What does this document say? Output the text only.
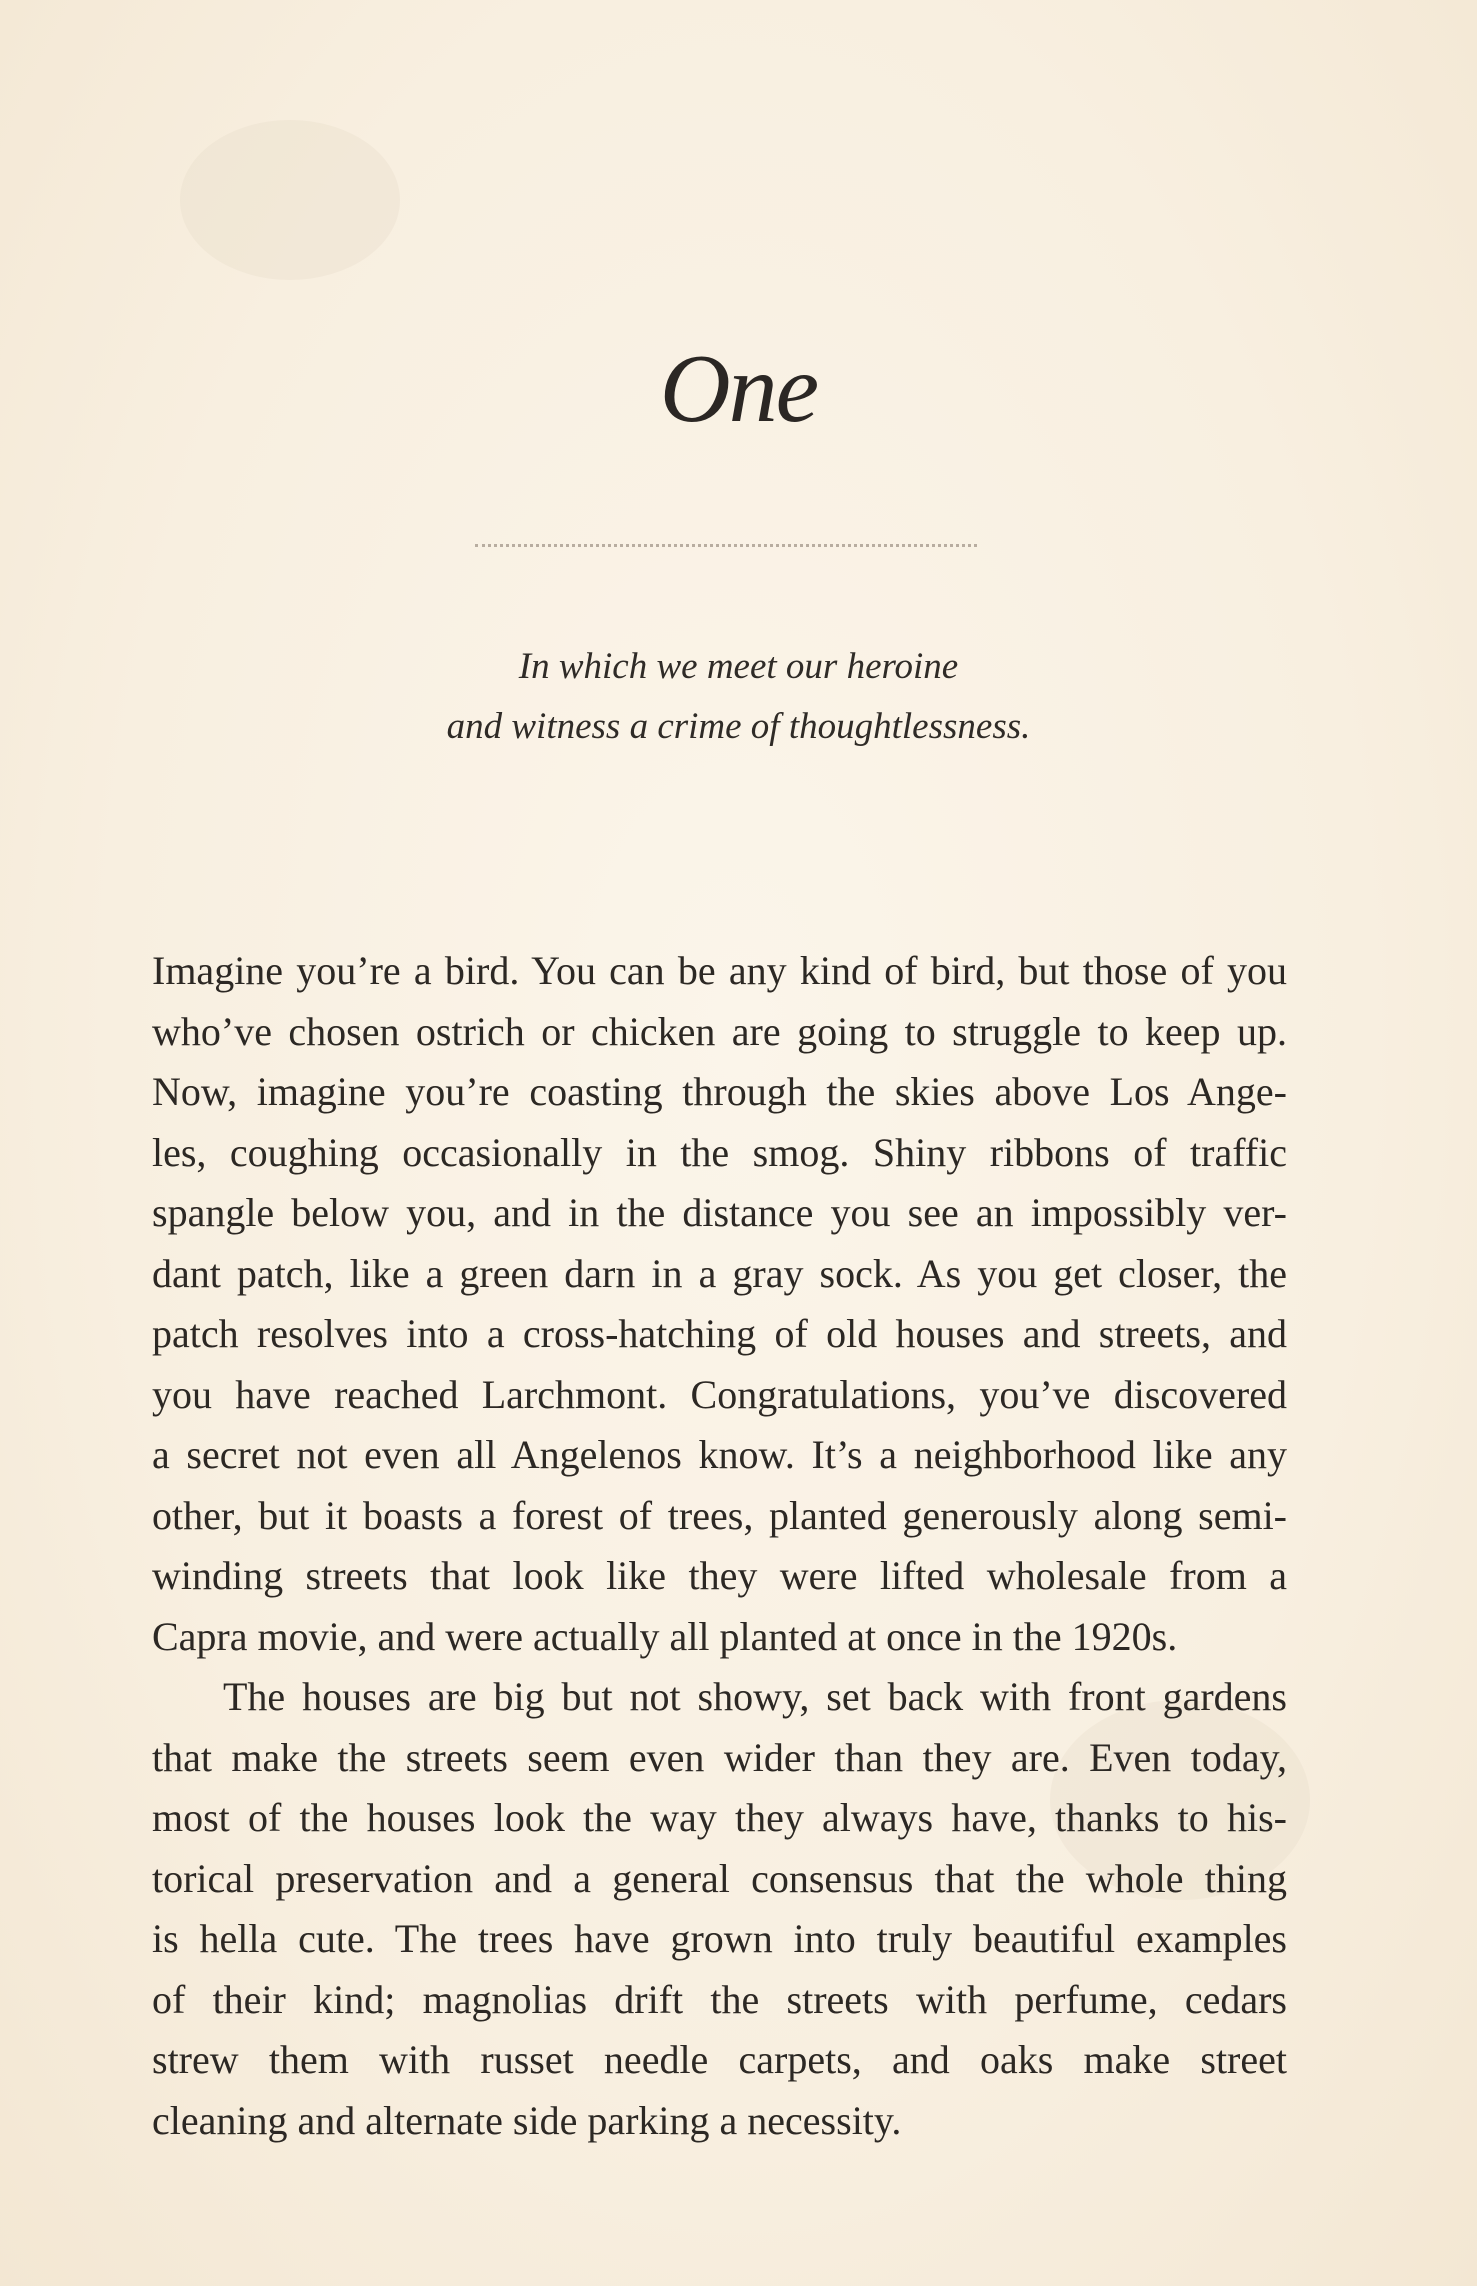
One
In which we meet our heroine
and witness a crime of thoughtlessness.
Imagine you’re a bird. You can be any kind of bird, but those of you
who’ve chosen ostrich or chicken are going to struggle to keep up.
Now, imagine you’re coasting through the skies above Los Ange-
les, coughing occasionally in the smog. Shiny ribbons of traffic
spangle below you, and in the distance you see an impossibly ver-
dant patch, like a green darn in a gray sock. As you get closer, the
patch resolves into a cross-hatching of old houses and streets, and
you have reached Larchmont. Congratulations, you’ve discovered
a secret not even all Angelenos know. It’s a neighborhood like any
other, but it boasts a forest of trees, planted generously along semi-
winding streets that look like they were lifted wholesale from a
Capra movie, and were actually all planted at once in the 1920s.
The houses are big but not showy, set back with front gardens
that make the streets seem even wider than they are. Even today,
most of the houses look the way they always have, thanks to his-
torical preservation and a general consensus that the whole thing
is hella cute. The trees have grown into truly beautiful examples
of their kind; magnolias drift the streets with perfume, cedars
strew them with russet needle carpets, and oaks make street
cleaning and alternate side parking a necessity.
